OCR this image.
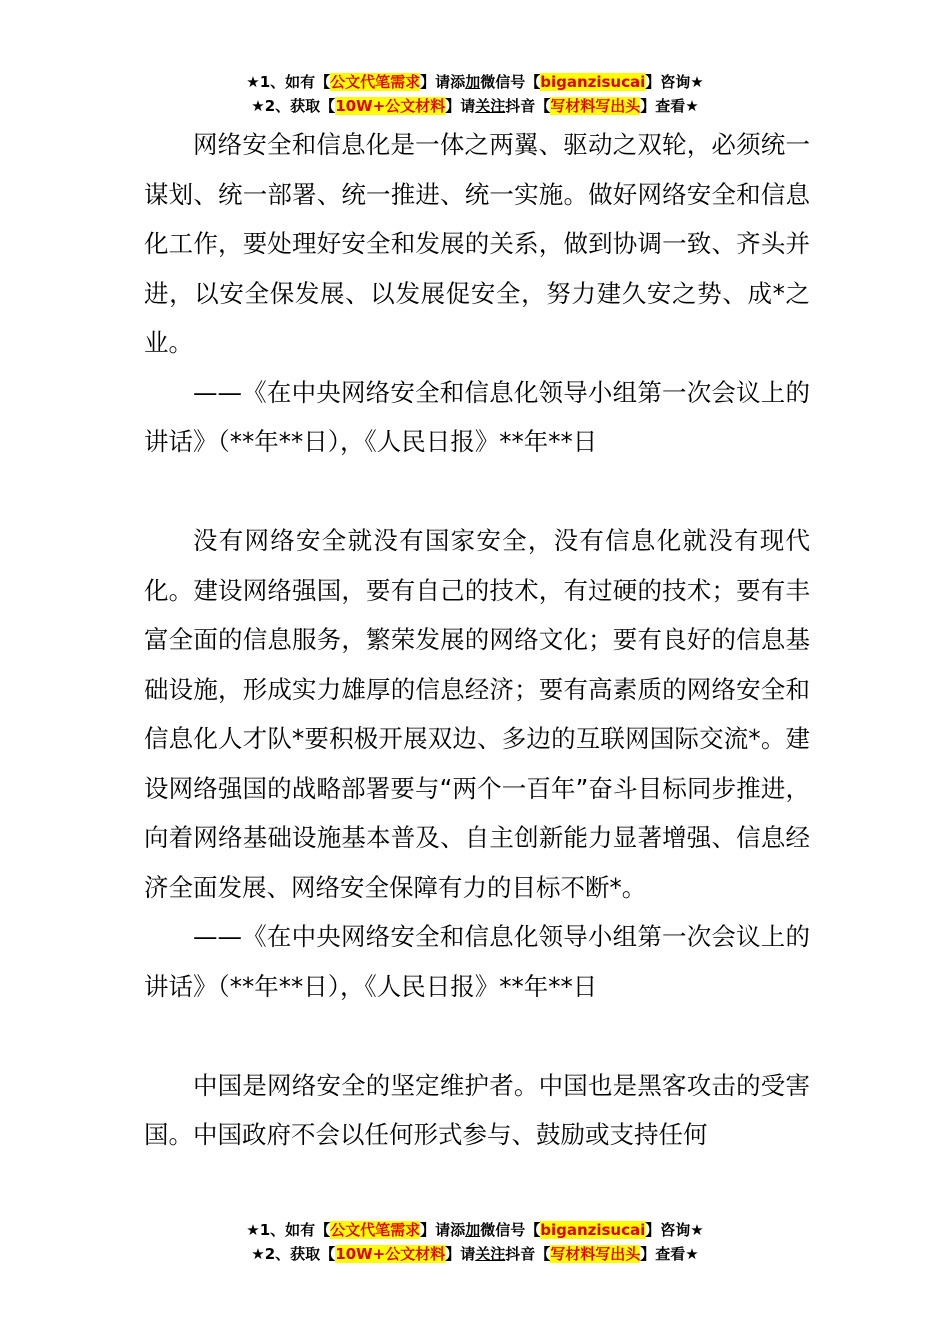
★1、如有【公文代笔需求】请添加微信号【biganzisucai】咨询★
★2、获取【10W+公文材料】请关注抖音【写材料写出头】查看★

网络安全和信息化是一体之两翼、驱动之双轮，必须统一谋划、统一部署、统一推进、统一实施。做好网络安全和信息化工作，要处理好安全和发展的关系，做到协调一致、齐头并进，以安全保发展、以发展促安全，努力建久安之势、成*之业。

——《在中央网络安全和信息化领导小组第一次会议上的讲话》（**年**日），《人民日报》**年**日

没有网络安全就没有国家安全，没有信息化就没有现代化。建设网络强国，要有自己的技术，有过硬的技术；要有丰富全面的信息服务，繁荣发展的网络文化；要有良好的信息基础设施，形成实力雄厚的信息经济；要有高素质的网络安全和信息化人才队*要积极开展双边、多边的互联网国际交流*。建设网络强国的战略部署要与“两个一百年”奋斗目标同步推进，向着网络基础设施基本普及、自主创新能力显著增强、信息经济全面发展、网络安全保障有力的目标不断*。

——《在中央网络安全和信息化领导小组第一次会议上的讲话》（**年**日），《人民日报》**年**日

中国是网络安全的坚定维护者。中国也是黑客攻击的受害国。中国政府不会以任何形式参与、鼓励或支持任何

★1、如有【公文代笔需求】请添加微信号【biganzisucai】咨询★
★2、获取【10W+公文材料】请关注抖音【写材料写出头】查看★
